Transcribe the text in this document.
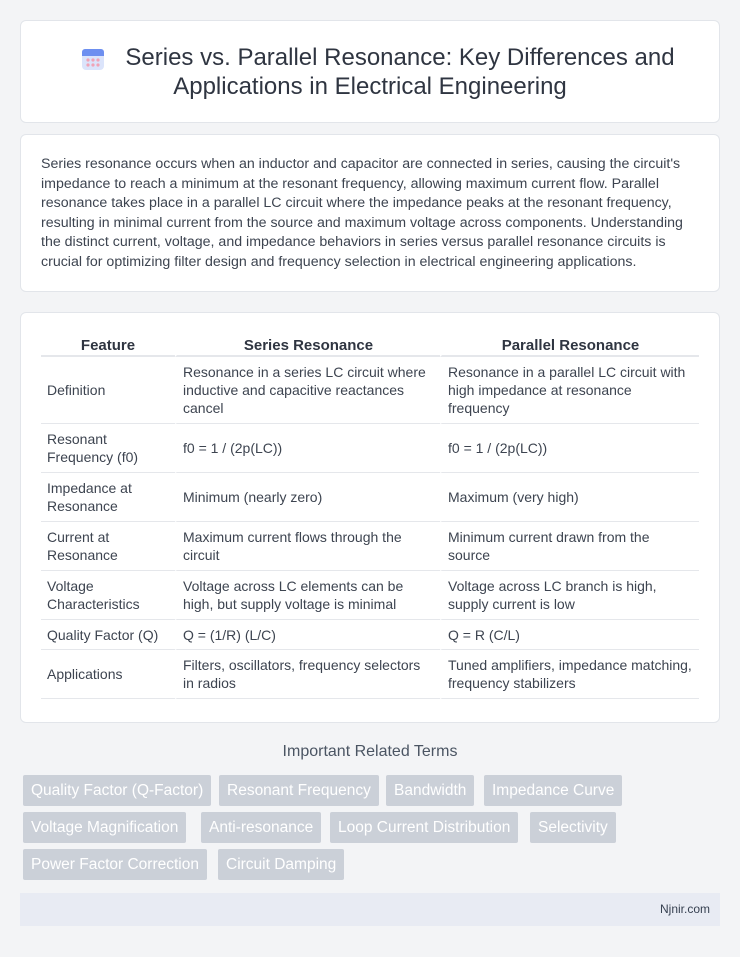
Series vs. Parallel Resonance: Key Differences and
Applications in Electrical Engineering

Series resonance occurs when an inductor and capacitor are connected in series, causing the circuit's impedance to reach a minimum at the resonant frequency, allowing maximum current flow. Parallel resonance takes place in a parallel LC circuit where the impedance peaks at the resonant frequency, resulting in minimal current from the source and maximum voltage across components. Understanding the distinct current, voltage, and impedance behaviors in series versus parallel resonance circuits is crucial for optimizing filter design and frequency selection in electrical engineering applications.

Feature	Series Resonance	Parallel Resonance
Definition	Resonance in a series LC circuit where inductive and capacitive reactances cancel	Resonance in a parallel LC circuit with high impedance at resonance frequency
Resonant Frequency (f0)	f0 = 1 / (2p(LC))	f0 = 1 / (2p(LC))
Impedance at Resonance	Minimum (nearly zero)	Maximum (very high)
Current at Resonance	Maximum current flows through the circuit	Minimum current drawn from the source
Voltage Characteristics	Voltage across LC elements can be high, but supply voltage is minimal	Voltage across LC branch is high, supply current is low
Quality Factor (Q)	Q = (1/R) (L/C)	Q = R (C/L)
Applications	Filters, oscillators, frequency selectors in radios	Tuned amplifiers, impedance matching, frequency stabilizers
Important Related Terms
Quality Factor (Q-Factor)	Resonant Frequency	Bandwidth	Impedance Curve
Voltage Magnification	Anti-resonance	Loop Current Distribution	Selectivity
Power Factor Correction	Circuit Damping
Njnir.com
